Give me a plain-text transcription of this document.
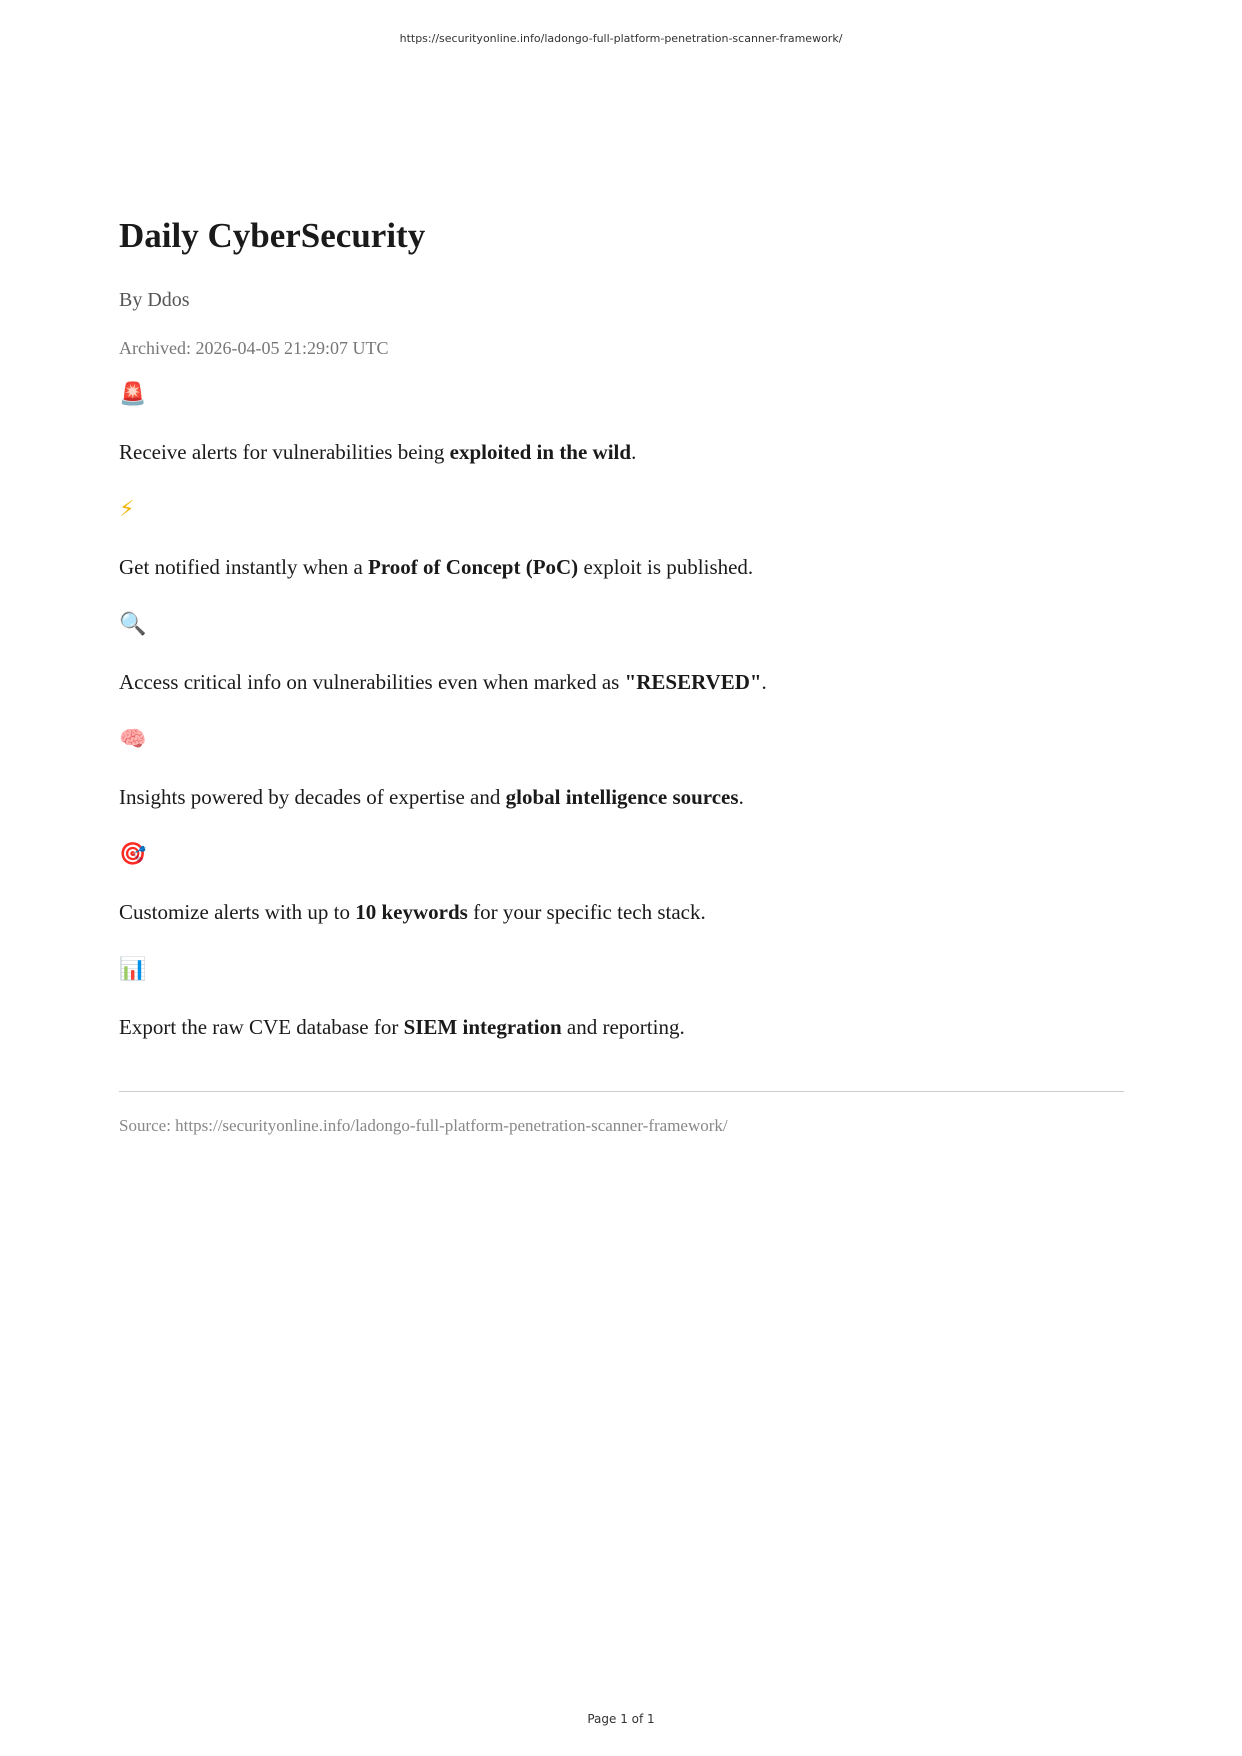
https://securityonline.info/ladongo-full-platform-penetration-scanner-framework/
Daily CyberSecurity
By Ddos
Archived: 2026-04-05 21:29:07 UTC
🚨

Receive alerts for vulnerabilities being exploited in the wild.

⚡

Get notified instantly when a Proof of Concept (PoC) exploit is published.

🔍

Access critical info on vulnerabilities even when marked as "RESERVED".

🧠

Insights powered by decades of expertise and global intelligence sources.

🎯

Customize alerts with up to 10 keywords for your specific tech stack.

📊

Export the raw CVE database for SIEM integration and reporting.

Source: https://securityonline.info/ladongo-full-platform-penetration-scanner-framework/
Page 1 of 1
